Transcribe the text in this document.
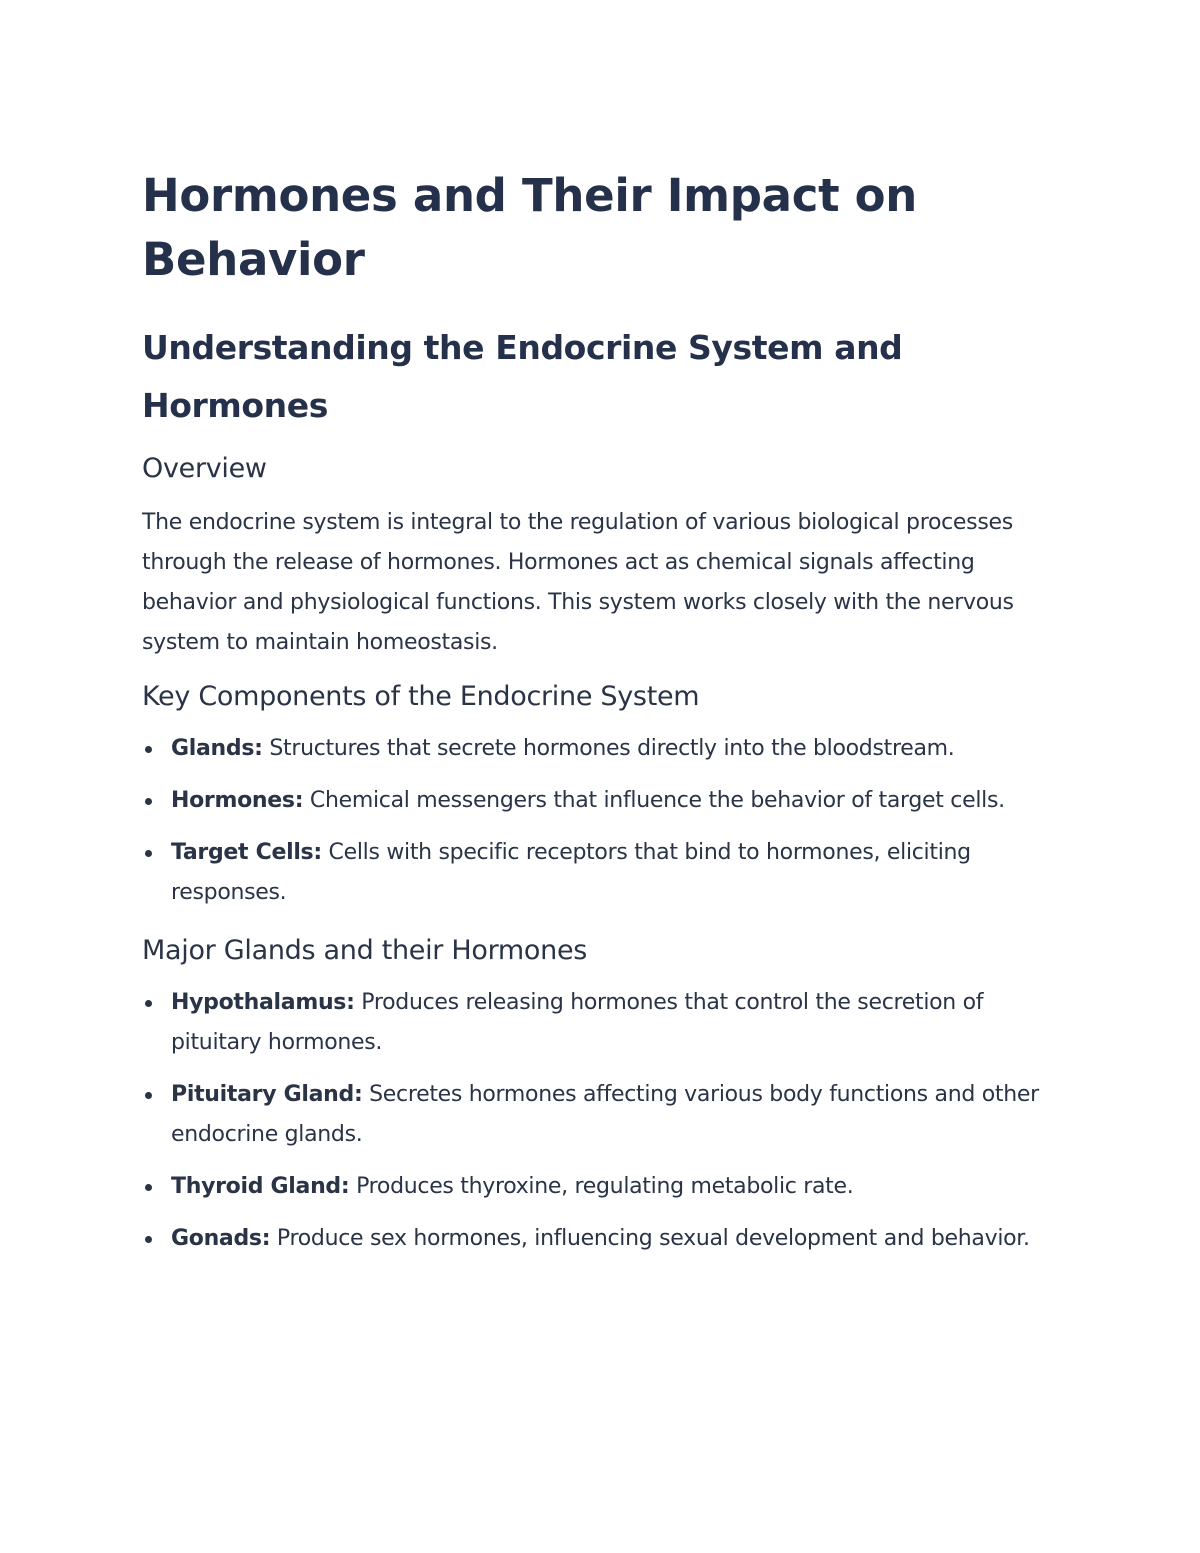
Hormones and Their Impact on Behavior
Understanding the Endocrine System and Hormones
Overview

The endocrine system is integral to the regulation of various biological processes through the release of hormones. Hormones act as chemical signals affecting behavior and physiological functions. This system works closely with the nervous system to maintain homeostasis.

Key Components of the Endocrine System
Glands: Structures that secrete hormones directly into the bloodstream.
Hormones: Chemical messengers that influence the behavior of target cells.
Target Cells: Cells with specific receptors that bind to hormones, eliciting responses.
Major Glands and their Hormones
Hypothalamus: Produces releasing hormones that control the secretion of pituitary hormones.
Pituitary Gland: Secretes hormones affecting various body functions and other endocrine glands.
Thyroid Gland: Produces thyroxine, regulating metabolic rate.
Gonads: Produce sex hormones, influencing sexual development and behavior.
